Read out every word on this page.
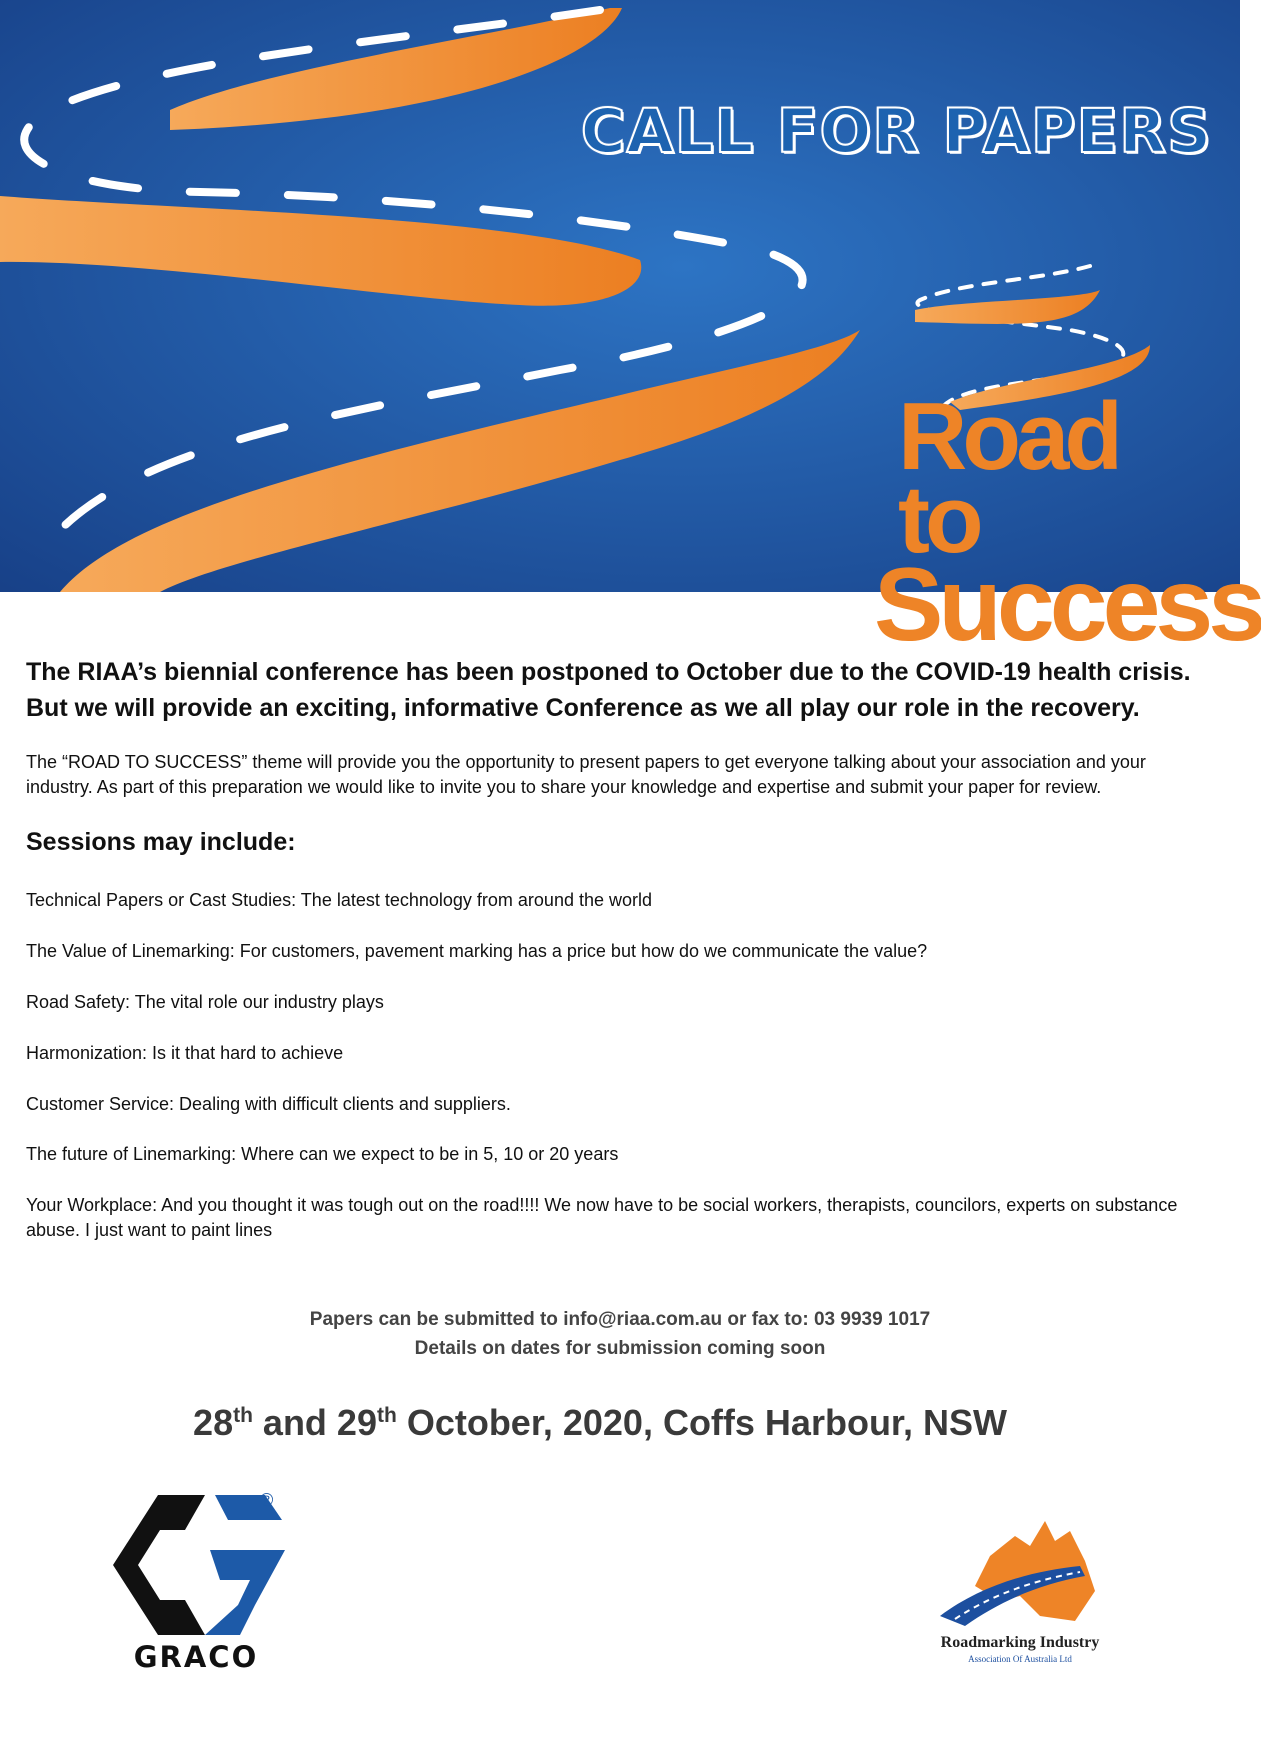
CALL FOR PAPERS
Road to
Success
The RIAA’s biennial conference has been postponed to October due to the COVID-19 health crisis.
But we will provide an exciting, informative Conference as we all play our role in the recovery.
The “ROAD TO SUCCESS” theme will provide you the opportunity to present papers to get everyone talking about your association and your industry. As part of this preparation we would like to invite you to share your knowledge and expertise and submit your paper for review.
Sessions may include:
Technical Papers or Cast Studies: The latest technology from around the world
The Value of Linemarking: For customers, pavement marking has a price but how do we communicate the value?
Road Safety: The vital role our industry plays
Harmonization: Is it that hard to achieve
Customer Service: Dealing with difficult clients and suppliers.
The future of Linemarking: Where can we expect to be in 5, 10 or 20 years
Your Workplace: And you thought it was tough out on the road!!!! We now have to be social workers, therapists, councilors, experts on substance abuse. I just want to paint lines
Papers can be submitted to info@riaa.com.au or fax to: 03 9939 1017
Details on dates for submission coming soon
28th and 29th October, 2020, Coffs Harbour, NSW
®
GRACO	Roadmarking Industry
Association Of Australia Ltd
